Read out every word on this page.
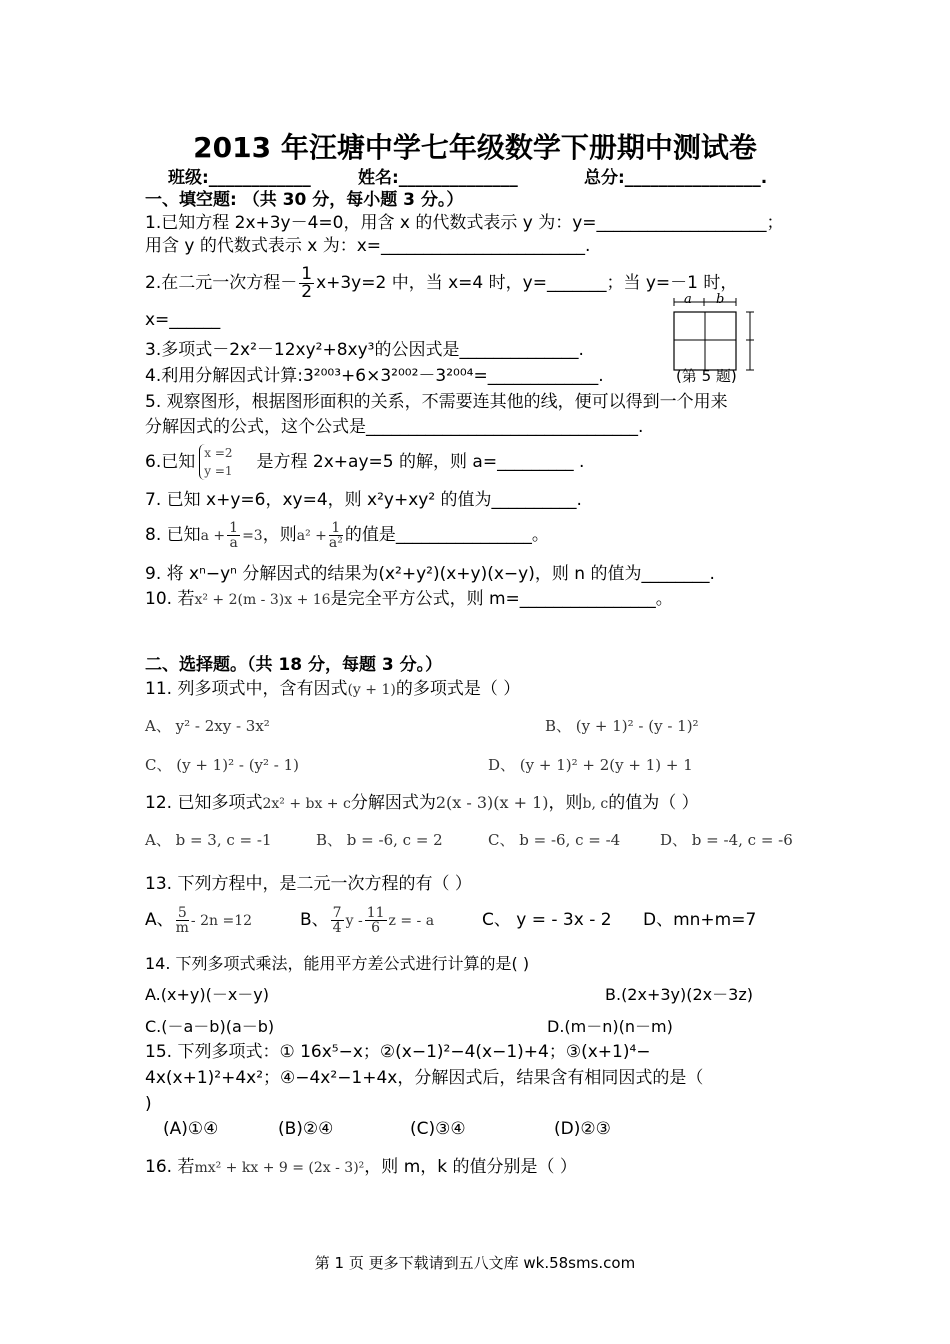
2013 年汪塘中学七年级数学下册期中测试卷
班级:____________	姓名:______________	总分:________________.
一、填空题: （共 30 分，每小题 3 分。）
1.已知方程 2x+3y－4=0，用含 x 的代数式表示 y 为：y=____________________；
用含 y 的代数式表示 x 为：x=________________________.
2.在二元一次方程－ $\frac{1}{2} x+3y=2$ 中，当 x=4 时，y=_______；当 y=－1 时，
x=______
a b
3.多项式－2x²－12xy²+8xy³的公因式是______________.
4.利用分解因式计算:3²⁰⁰³+6×3²⁰⁰²－3²⁰⁰⁴=_____________.	(第 5 题)
5. 观察图形，根据图形面积的关系，不需要连其他的线，便可以得到一个用来
分解因式的公式，这个公式是________________________________.
6.已知 x =2
y =1 是方程 2x+ay=5 的解，则 a=_________ .
7. 已知 x+y=6，xy=4，则 x²y+xy² 的值为__________.
8. 已知$a + \frac{1}{a} =3$，则$a^2 + \frac{1}{\text{a²}}$ 的值是________________。
9. 将 xⁿ−yⁿ 分解因式的结果为(x²+y²)(x+y)(x−y)，则 n 的值为________.
10. 若x² + 2(m - 3)x + 16是完全平方公式，则 m=________________。
二、选择题。（共 18 分，每题 3 分。）
11. 列多项式中，含有因式(y + 1)的多项式是（ ）
A、 y² - 2xy - 3x²	B、 (y + 1)² - (y - 1)²
C、 (y + 1)² - (y² - 1)	D、 (y + 1)² + 2(y + 1) + 1
12. 已知多项式2x² + bx + c分解因式为2(x - 3)(x + 1)，则b, c的值为（ ）
A、 b = 3, c = -1	B、 b = -6, c = 2	C、 b = -6, c = -4	D、 b = -4, c = -6
13. 下列方程中，是二元一次方程的有（ ）
A、 $\frac{5}{m} - 2n =12$	B、 $\frac{7}{4}$ y - $\frac{11}{6}$ z = - a	C、 y = - 3x - 2 D、mn+m=7
14. 下列多项式乘法，能用平方差公式进行计算的是( )
A.(x+y)(－x－y)	B.(2x+3y)(2x－3z)
C.(－a－b)(a－b)	D.(m－n)(n－m)
15. 下列多项式：① 16x⁵−x；②(x−1)²−4(x−1)+4；③(x+1)⁴−
4x(x+1)²+4x²；④−4x²−1+4x，分解因式后，结果含有相同因式的是（
)
(A)①④	(B)②④	(C)③④	(D)②③
16. 若mx² + kx + 9 = (2x - 3)²，则 m，k 的值分别是（ ）
第 1 页 更多下载请到五八文库 wk.58sms.com
